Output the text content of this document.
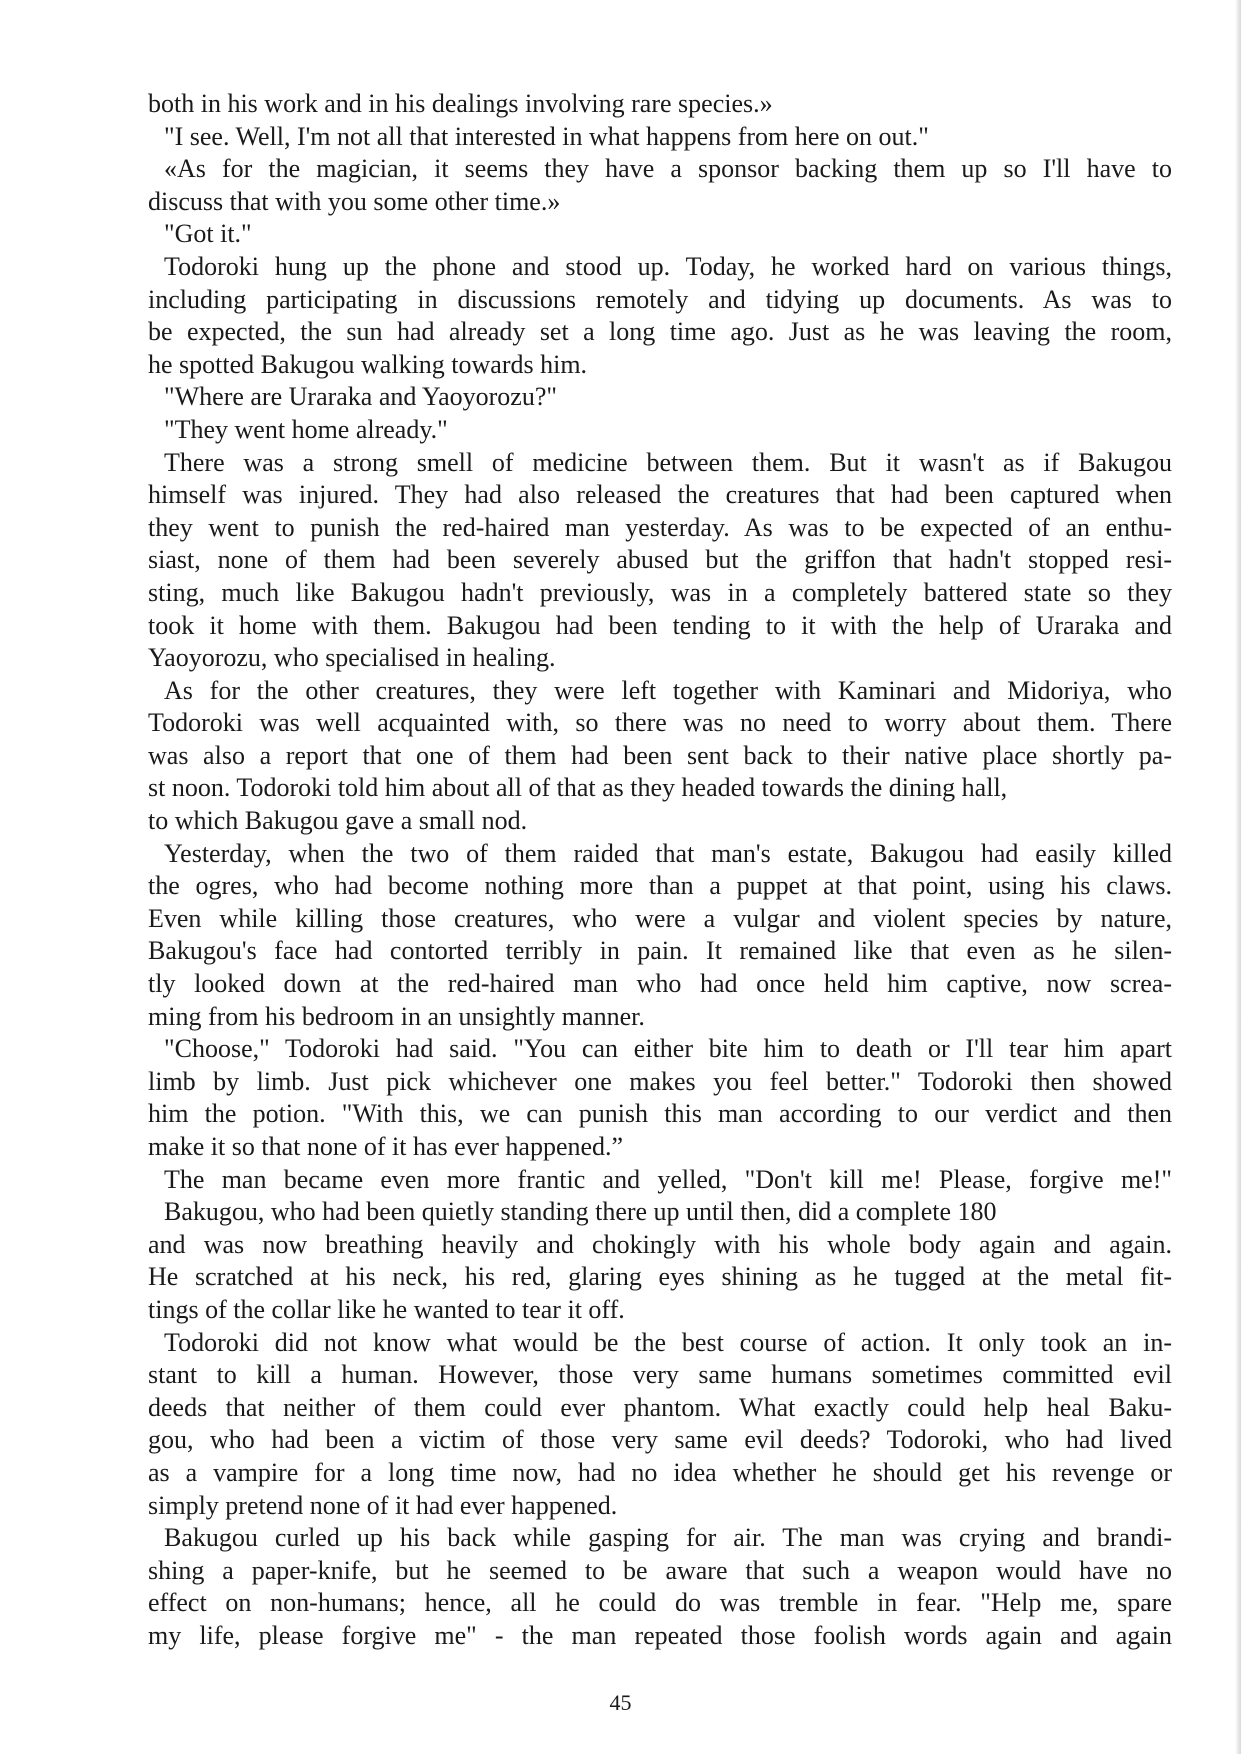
both in his work and in his dealings involving rare species.»
"I see. Well, I'm not all that interested in what happens from here on out."
«As for the magician, it seems they have a sponsor backing them up so I'll have to
discuss that with you some other time.»
"Got it."
Todoroki hung up the phone and stood up. Today, he worked hard on various things,
including participating in discussions remotely and tidying up documents. As was to
be expected, the sun had already set a long time ago. Just as he was leaving the room,
he spotted Bakugou walking towards him.
"Where are Uraraka and Yaoyorozu?"
"They went home already."
There was a strong smell of medicine between them. But it wasn't as if Bakugou
himself was injured. They had also released the creatures that had been captured when
they went to punish the red-haired man yesterday. As was to be expected of an enthu-
siast, none of them had been severely abused but the griffon that hadn't stopped resi-
sting, much like Bakugou hadn't previously, was in a completely battered state so they
took it home with them. Bakugou had been tending to it with the help of Uraraka and
Yaoyorozu, who specialised in healing.
As for the other creatures, they were left together with Kaminari and Midoriya, who
Todoroki was well acquainted with, so there was no need to worry about them. There
was also a report that one of them had been sent back to their native place shortly pa-
st noon. Todoroki told him about all of that as they headed towards the dining hall,
to which Bakugou gave a small nod.
Yesterday, when the two of them raided that man's estate, Bakugou had easily killed
the ogres, who had become nothing more than a puppet at that point, using his claws.
Even while killing those creatures, who were a vulgar and violent species by nature,
Bakugou's face had contorted terribly in pain. It remained like that even as he silen-
tly looked down at the red-haired man who had once held him captive, now screa-
ming from his bedroom in an unsightly manner.
"Choose," Todoroki had said. "You can either bite him to death or I'll tear him apart
limb by limb. Just pick whichever one makes you feel better." Todoroki then showed
him the potion. "With this, we can punish this man according to our verdict and then
make it so that none of it has ever happened.”
The man became even more frantic and yelled, "Don't kill me! Please, forgive me!"
Bakugou, who had been quietly standing there up until then, did a complete 180
and was now breathing heavily and chokingly with his whole body again and again.
He scratched at his neck, his red, glaring eyes shining as he tugged at the metal fit-
tings of the collar like he wanted to tear it off.
Todoroki did not know what would be the best course of action. It only took an in-
stant to kill a human. However, those very same humans sometimes committed evil
deeds that neither of them could ever phantom. What exactly could help heal Baku-
gou, who had been a victim of those very same evil deeds? Todoroki, who had lived
as a vampire for a long time now, had no idea whether he should get his revenge or
simply pretend none of it had ever happened.
Bakugou curled up his back while gasping for air. The man was crying and brandi-
shing a paper-knife, but he seemed to be aware that such a weapon would have no
effect on non-humans; hence, all he could do was tremble in fear. "Help me, spare
my life, please forgive me" - the man repeated those foolish words again and again
45
